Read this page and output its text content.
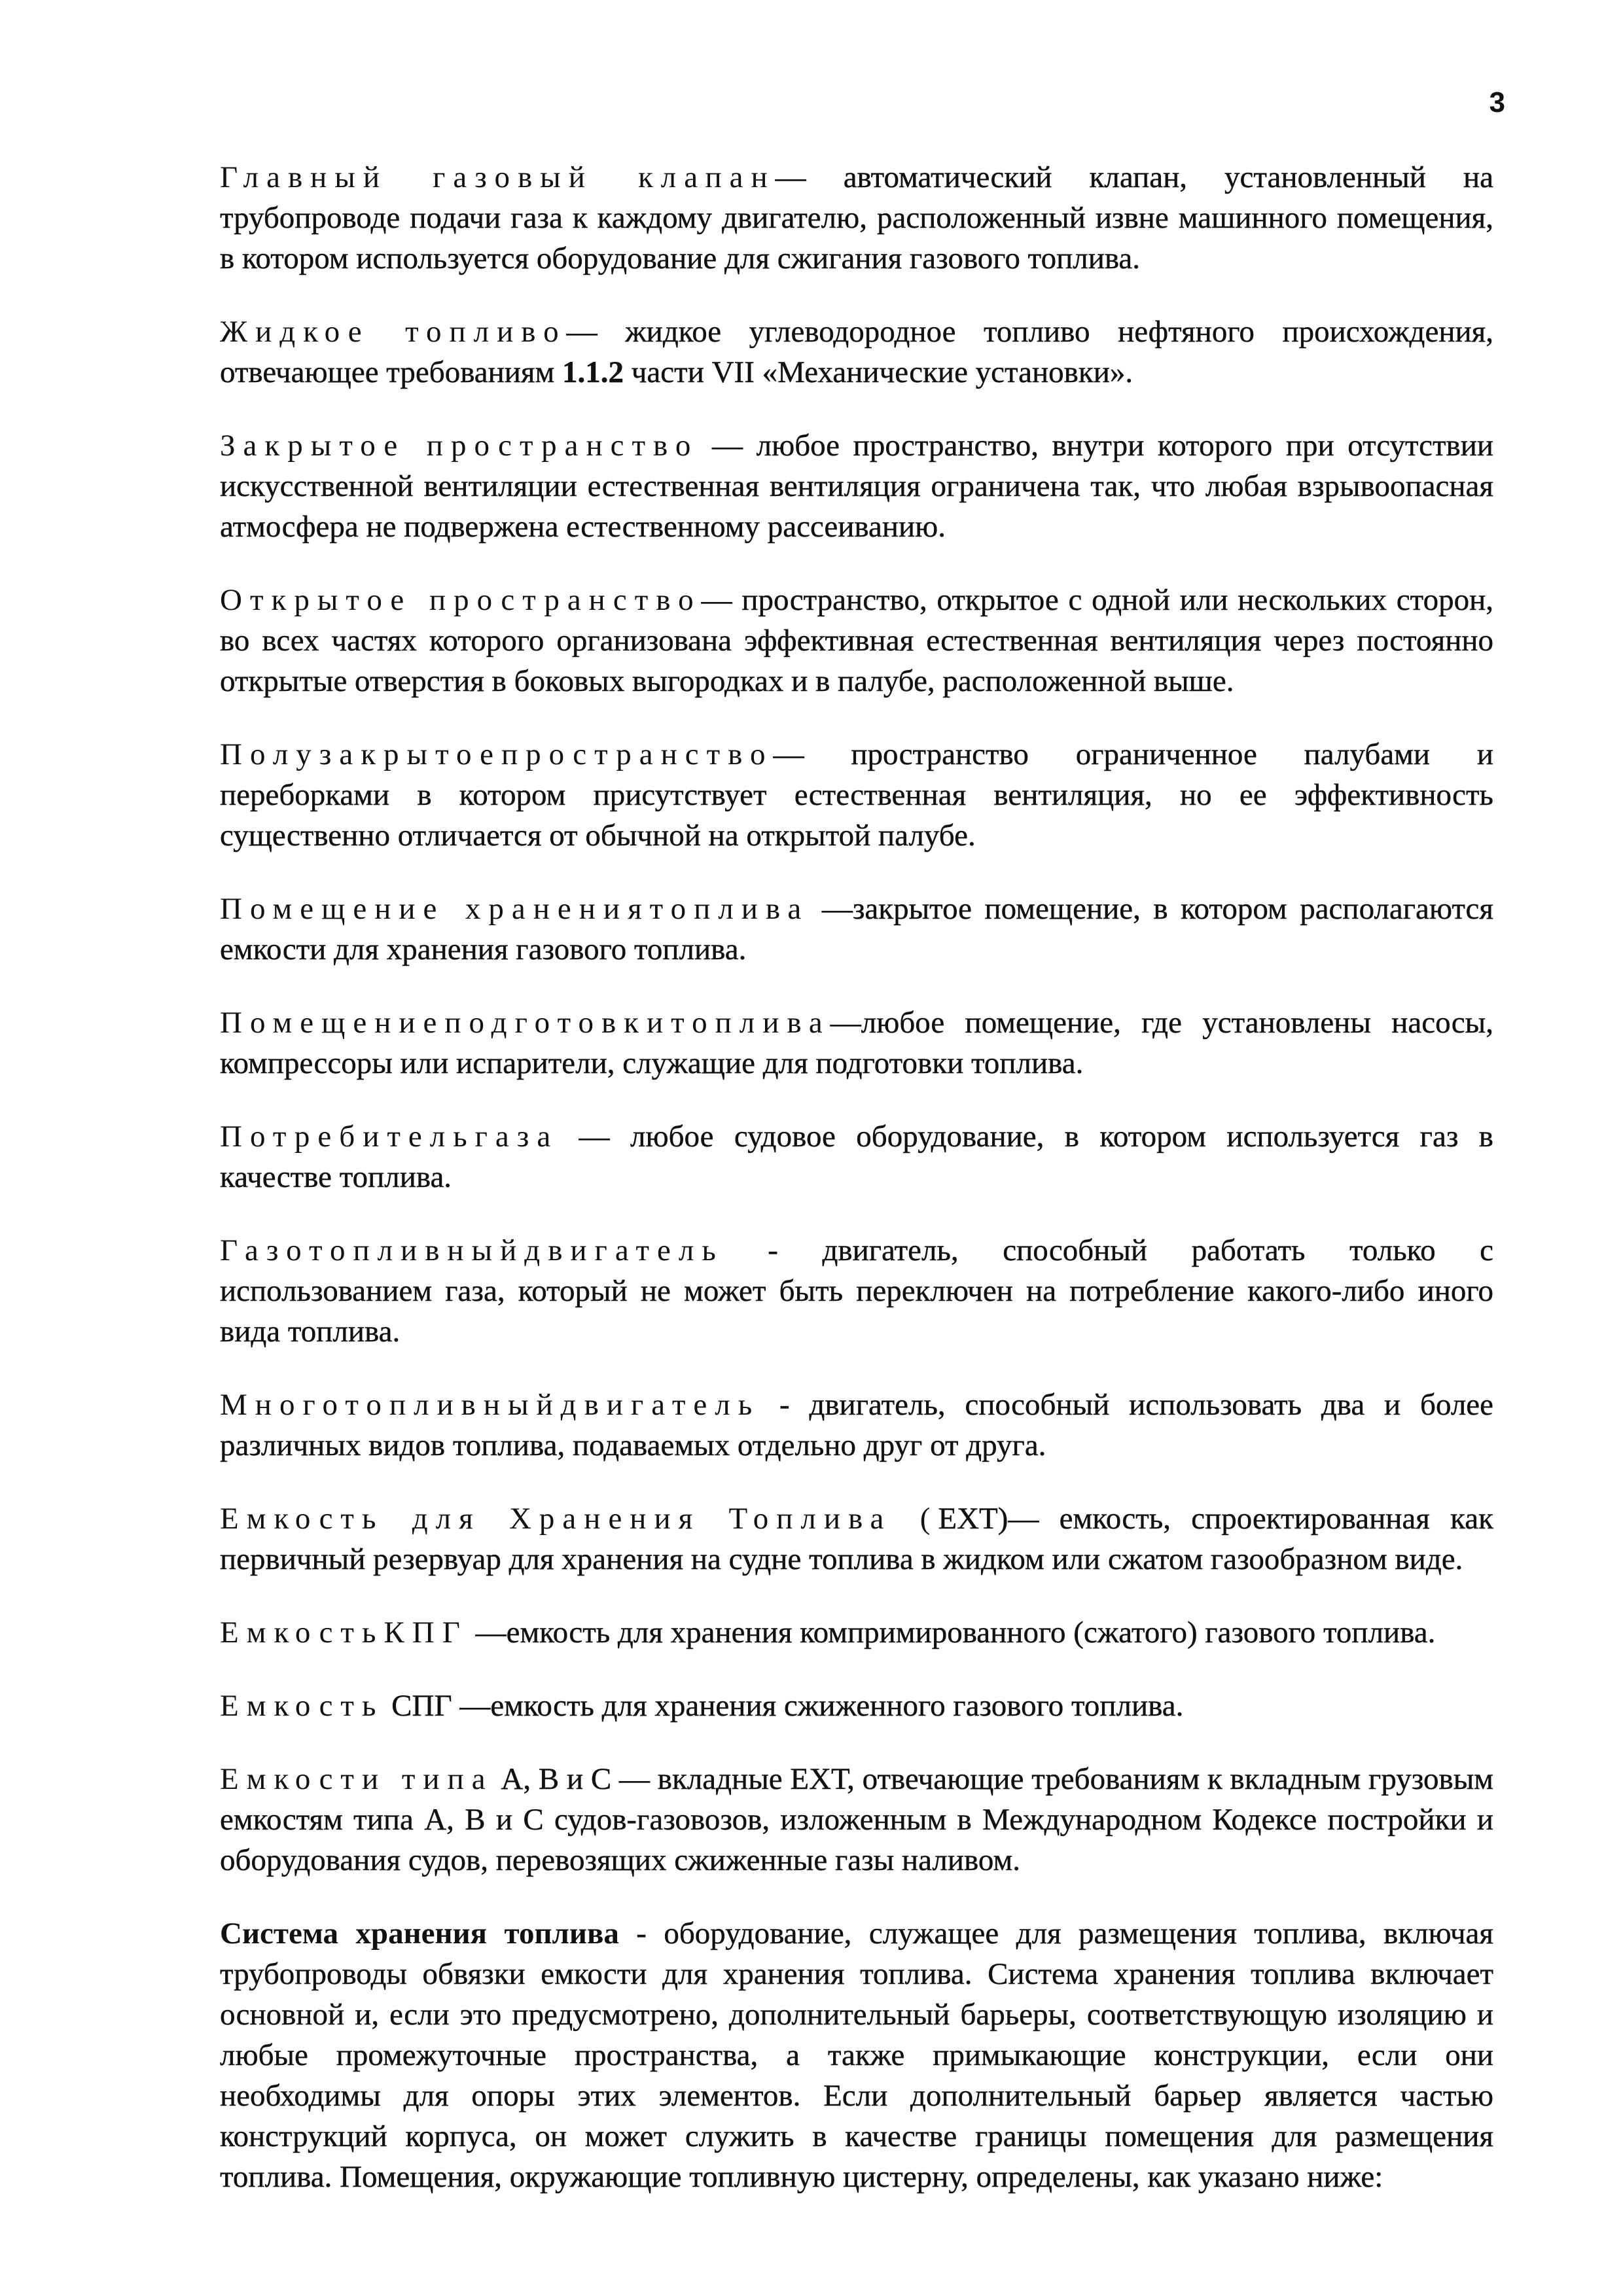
3

Главный газовый клапан— автоматический клапан, установленный на трубопроводе подачи газа к каждому двигателю, расположенный извне машинного помещения, в котором используется оборудование для сжигания газового топлива.

Жидкое топливо— жидкое углеводородное топливо нефтяного происхождения, отвечающее требованиям 1.1.2 части VII «Механические установки».

Закрытое пространство — любое пространство, внутри которого при отсутствии искусственной вентиляции естественная вентиляция ограничена так, что любая взрывоопасная атмосфера не подвержена естественному рассеиванию.

Открытое пространство— пространство, открытое с одной или нескольких сторон, во всех частях которого организована эффективная естественная вентиляция через постоянно открытые отверстия в боковых выгородках и в палубе, расположенной выше.

Полузакрытоепространство— пространство ограниченное палубами и переборками в котором присутствует естественная вентиляция, но ее эффективность существенно отличается от обычной на открытой палубе.

Помещение хранениятоплива —закрытое помещение, в котором располагаются емкости для хранения газового топлива.

Помещениеподготовкитоплива—любое помещение, где установлены насосы, компрессоры или испарители, служащие для подготовки топлива.

Потребительгаза — любое судовое оборудование, в котором используется газ в качестве топлива.

Газотопливныйдвигатель - двигатель, способный работать только с использованием газа, который не может быть переключен на потребление какого-либо иного вида топлива.

Многотопливныйдвигатель - двигатель, способный использовать два и более различных видов топлива, подаваемых отдельно друг от друга.

Емкость для Хранения Топлива (ЕХТ)— емкость, спроектированная как первичный резервуар для хранения на судне топлива в жидком или сжатом газообразном виде.

ЕмкостьКПГ —емкость для хранения компримированного (сжатого) газового топлива.

Емкость СПГ —емкость для хранения сжиженного газового топлива.

Емкости типа А, В и С — вкладные ЕХТ, отвечающие требованиям к вкладным грузовым емкостям типа А, В и С судов-газовозов, изложенным в Международном Кодексе постройки и оборудования судов, перевозящих сжиженные газы наливом.

Система хранения топлива - оборудование, служащее для размещения топлива, включая трубопроводы обвязки емкости для хранения топлива. Система хранения топлива включает основной и, если это предусмотрено, дополнительный барьеры, соответствующую изоляцию и любые промежуточные пространства, а также примыкающие конструкции, если они необходимы для опоры этих элементов. Если дополнительный барьер является частью конструкций корпуса, он может служить в качестве границы помещения для размещения топлива. Помещения, окружающие топливную цистерну, определены, как указано ниже:
